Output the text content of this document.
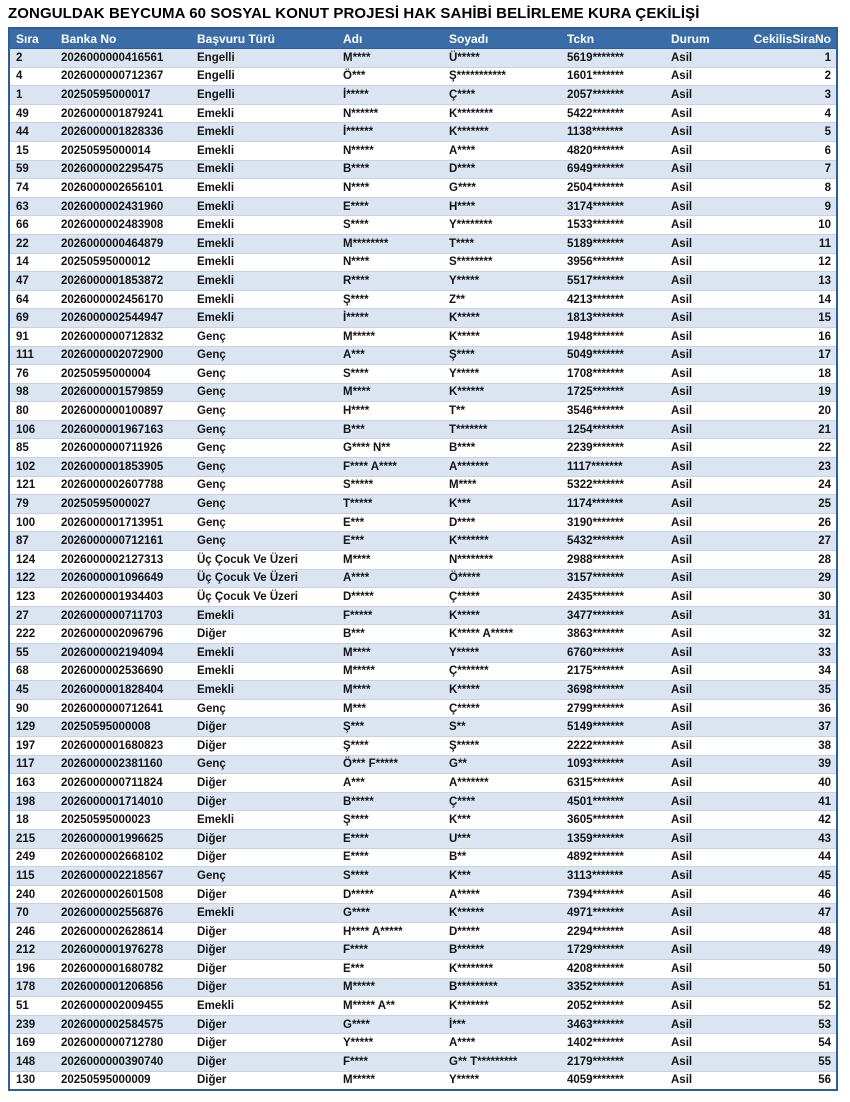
ZONGULDAK BEYCUMA 60 SOSYAL KONUT PROJESİ HAK SAHİBİ BELİRLEME KURA ÇEKİLİŞİ
Sıra	Banka No	Başvuru Türü	Adı	Soyadı	Tckn	Durum	CekilisSiraNo
2	2026000000416561	Engelli	M****	Ü*****	5619*******	Asil	1
4	2026000000712367	Engelli	Ö***	Ş***********	1601*******	Asil	2
1	20250595000017	Engelli	İ*****	Ç****	2057*******	Asil	3
49	2026000001879241	Emekli	N******	K********	5422*******	Asil	4
44	2026000001828336	Emekli	İ******	K*******	1138*******	Asil	5
15	20250595000014	Emekli	N*****	A****	4820*******	Asil	6
59	2026000002295475	Emekli	B****	D****	6949*******	Asil	7
74	2026000002656101	Emekli	N****	G****	2504*******	Asil	8
63	2026000002431960	Emekli	E****	H****	3174*******	Asil	9
66	2026000002483908	Emekli	S****	Y********	1533*******	Asil	10
22	2026000000464879	Emekli	M********	T****	5189*******	Asil	11
14	20250595000012	Emekli	N****	S********	3956*******	Asil	12
47	2026000001853872	Emekli	R****	Y*****	5517*******	Asil	13
64	2026000002456170	Emekli	Ş****	Z**	4213*******	Asil	14
69	2026000002544947	Emekli	İ*****	K*****	1813*******	Asil	15
91	2026000000712832	Genç	M*****	K*****	1948*******	Asil	16
111	2026000002072900	Genç	A***	Ş****	5049*******	Asil	17
76	20250595000004	Genç	S****	Y*****	1708*******	Asil	18
98	2026000001579859	Genç	M****	K******	1725*******	Asil	19
80	2026000000100897	Genç	H****	T**	3546*******	Asil	20
106	2026000001967163	Genç	B***	T*******	1254*******	Asil	21
85	2026000000711926	Genç	G**** N**	B****	2239*******	Asil	22
102	2026000001853905	Genç	F**** A****	A*******	1117*******	Asil	23
121	2026000002607788	Genç	S*****	M****	5322*******	Asil	24
79	20250595000027	Genç	T*****	K***	1174*******	Asil	25
100	2026000001713951	Genç	E***	D****	3190*******	Asil	26
87	2026000000712161	Genç	E***	K*******	5432*******	Asil	27
124	2026000002127313	Üç Çocuk Ve Üzeri	M****	N********	2988*******	Asil	28
122	2026000001096649	Üç Çocuk Ve Üzeri	A****	Ö*****	3157*******	Asil	29
123	2026000001934403	Üç Çocuk Ve Üzeri	D*****	Ç*****	2435*******	Asil	30
27	2026000000711703	Emekli	F*****	K*****	3477*******	Asil	31
222	2026000002096796	Diğer	B***	K***** A*****	3863*******	Asil	32
55	2026000002194094	Emekli	M****	Y*****	6760*******	Asil	33
68	2026000002536690	Emekli	M*****	Ç*******	2175*******	Asil	34
45	2026000001828404	Emekli	M****	K*****	3698*******	Asil	35
90	2026000000712641	Genç	M***	Ç*****	2799*******	Asil	36
129	20250595000008	Diğer	Ş***	S**	5149*******	Asil	37
197	2026000001680823	Diğer	Ş****	Ş*****	2222*******	Asil	38
117	2026000002381160	Genç	Ö*** F*****	G**	1093*******	Asil	39
163	2026000000711824	Diğer	A***	A*******	6315*******	Asil	40
198	2026000001714010	Diğer	B*****	Ç****	4501*******	Asil	41
18	20250595000023	Emekli	Ş****	K***	3605*******	Asil	42
215	2026000001996625	Diğer	E****	U***	1359*******	Asil	43
249	2026000002668102	Diğer	E****	B**	4892*******	Asil	44
115	2026000002218567	Genç	S****	K***	3113*******	Asil	45
240	2026000002601508	Diğer	D*****	A*****	7394*******	Asil	46
70	2026000002556876	Emekli	G****	K******	4971*******	Asil	47
246	2026000002628614	Diğer	H**** A*****	D*****	2294*******	Asil	48
212	2026000001976278	Diğer	F****	B******	1729*******	Asil	49
196	2026000001680782	Diğer	E***	K********	4208*******	Asil	50
178	2026000001206856	Diğer	M*****	B*********	3352*******	Asil	51
51	2026000002009455	Emekli	M***** A**	K*******	2052*******	Asil	52
239	2026000002584575	Diğer	G****	İ***	3463*******	Asil	53
169	2026000000712780	Diğer	Y*****	A****	1402*******	Asil	54
148	2026000000390740	Diğer	F****	G** T*********	2179*******	Asil	55
130	20250595000009	Diğer	M*****	Y*****	4059*******	Asil	56
